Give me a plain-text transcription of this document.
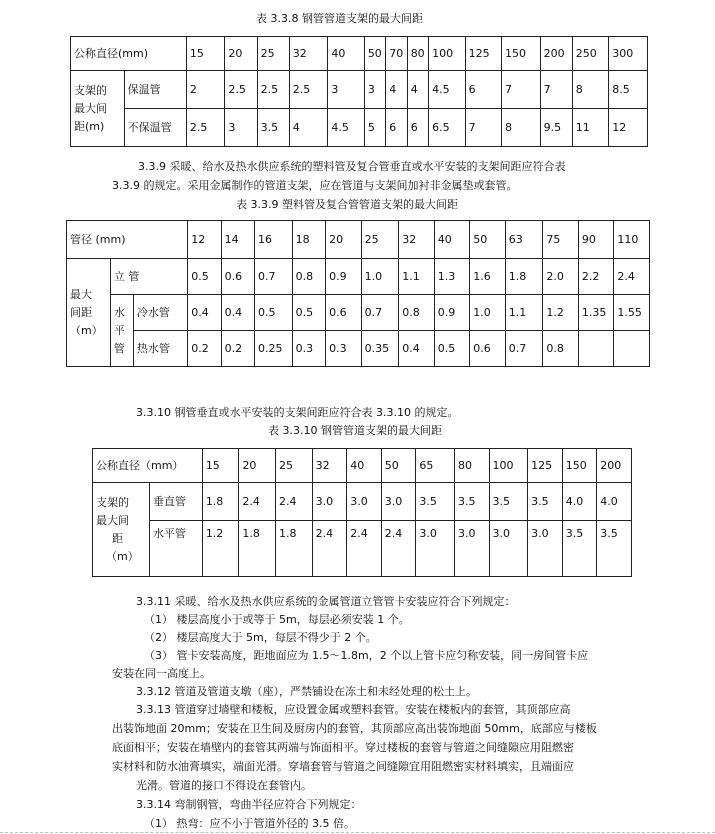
表 3.3.8 钢管管道支架的最大间距
公称直径(mm)		15	20	25	32	40	50	70	80	100	125	150	200	250	300

支架的
最大间
距(m)	保温管	2	2.5	2.5	2.5	3	3	4	4	4.5	6	7	7	8	8.5
	不保温管	2.5	3	3.5	4	4.5	5	6	6	6.5	7	8	9.5	11	12
3.3.9 采暖、给水及热水供应系统的塑料管及复合管垂直或水平安装的支架间距应符合表
3.3.9 的规定。采用金属制作的管道支架，应在管道与支架间加衬非金属垫或套管。
表 3.3.9 塑料管及复合管管道支架的最大间距
管径 (mm)			12	14	16	18	20	25	32	40	50	63	75	90	110

最大
间距
（m）	立 管		0.5	0.6	0.7	0.8	0.9	1.0	1.1	1.3	1.6	1.8	2.0	2.2	2.4

	水
平
管	冷水管	0.4	0.4	0.5	0.5	0.6	0.7	0.8	0.9	1.0	1.1	1.2	1.35	1.55
		热水管	0.2	0.2	0.25	0.3	0.3	0.35	0.4	0.5	0.6	0.7	0.8		
3.3.10 钢管垂直或水平安装的支架间距应符合表 3.3.10 的规定。
表 3.3.10 钢管管道支架的最大间距
公称直径（mm）		15	20	25	32	40	50	65	80	100	125	150	200

支架的
最大间
距
（m）	垂直管	1.8	2.4	2.4	3.0	3.0	3.0	3.5	3.5	3.5	3.5	4.0	4.0
	水平管	1.2	1.8	1.8	2.4	2.4	2.4	3.0	3.0	3.0	3.0	3.5	3.5
3.3.11 采暖、给水及热水供应系统的金属管道立管管卡安装应符合下列规定：
（1） 楼层高度小于或等于 5m，每层必须安装 1 个。
（2） 楼层高度大于 5m，每层不得少于 2 个。
（3） 管卡安装高度，距地面应为 1.5～1.8m，2 个以上管卡应匀称安装，同一房间管卡应
安装在同一高度上。
3.3.12 管道及管道支墩（座），严禁铺设在冻土和未经处理的松土上。
3.3.13 管道穿过墙壁和楼板，应设置金属或塑料套管。安装在楼板内的套管，其顶部应高
出装饰地面 20mm；安装在卫生间及厨房内的套管，其顶部应高出装饰地面 50mm，底部应与楼板
底面相平；安装在墙壁内的套管其两端与饰面相平。穿过楼板的套管与管道之间缝隙应用阻燃密
实材料和防水油膏填实，端面光滑。穿墙套管与管道之间缝隙宜用阻燃密实材料填实，且端面应
光滑。管道的接口不得设在套管内。
3.3.14 弯制钢管，弯曲半径应符合下列规定：
（1） 热弯：应不小于管道外径的 3.5 倍。
